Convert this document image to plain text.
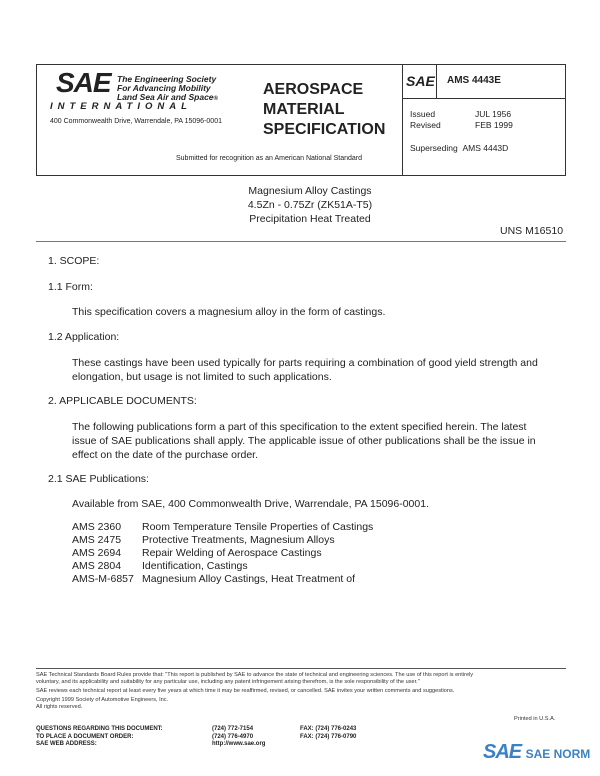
SAE The Engineering Society
For Advancing Mobility
Land Sea Air and Space®
INTERNATIONAL
400 Commonwealth Drive, Warrendale, PA 15096-0001
Submitted for recognition as an American National Standard
AEROSPACE
MATERIAL
SPECIFICATION
SAE AMS 4443E
Issued	JUL 1956
Revised	FEB 1999
Superseding AMS 4443D
Magnesium Alloy Castings
4.5Zn - 0.75Zr (ZK51A-T5)
Precipitation Heat Treated
UNS M16510
1. SCOPE:
1.1 Form:
This specification covers a magnesium alloy in the form of castings.
1.2 Application:
These castings have been used typically for parts requiring a combination of good yield strength and
elongation, but usage is not limited to such applications.
2. APPLICABLE DOCUMENTS:
The following publications form a part of this specification to the extent specified herein. The latest
issue of SAE publications shall apply. The applicable issue of other publications shall be the issue in
effect on the date of the purchase order.
2.1 SAE Publications:
Available from SAE, 400 Commonwealth Drive, Warrendale, PA 15096-0001.
AMS 2360 Room Temperature Tensile Properties of Castings
AMS 2475 Protective Treatments, Magnesium Alloys
AMS 2694 Repair Welding of Aerospace Castings
AMS 2804 Identification, Castings
AMS-M-6857 Magnesium Alloy Castings, Heat Treatment of
SAE Technical Standards Board Rules provide that: "This report is published by SAE to advance the state of technical and engineering sciences. The use of this report is entirely
voluntary, and its applicability and suitability for any particular use, including any patent infringement arising therefrom, is the sole responsibility of the user."
SAE reviews each technical report at least every five years at which time it may be reaffirmed, revised, or cancelled. SAE invites your written comments and suggestions.
Copyright 1999 Society of Automotive Engineers, Inc.
All rights reserved.
Printed in U.S.A.
QUESTIONS REGARDING THIS DOCUMENT:	(724) 772-7154	FAX: (724) 776-0243
TO PLACE A DOCUMENT ORDER:	(724) 776-4970	FAX: (724) 776-0790
SAE WEB ADDRESS:	http://www.sae.org	SAE SAE NORM
